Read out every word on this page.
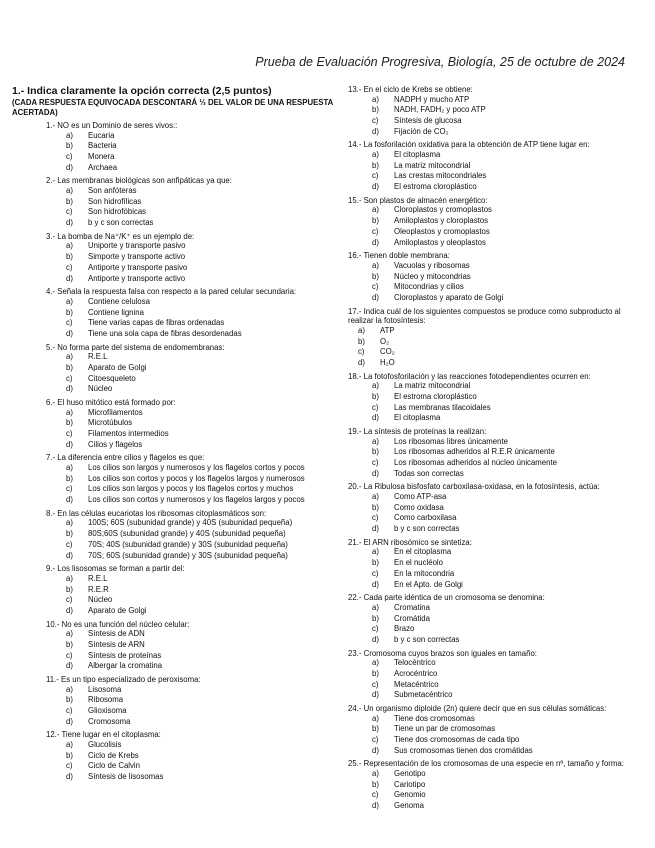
Prueba de Evaluación Progresiva, Biología, 25 de octubre de 2024

1.- Indica claramente la opción correcta (2,5 puntos)

(CADA RESPUESTA EQUIVOCADA DESCONTARÁ ⅓ DEL VALOR DE UNA RESPUESTA ACERTADA)

1.- NO es un Dominio de seres vivos::
a)	Eucaria
b)	Bacteria
c)	Monera
d)	Archaea
2.- Las membranas biológicas son anfipáticas ya que:
a)	Son anfóteras
b)	Son hidrofílicas
c)	Son hidrofóbicas
d)	b y c son correctas
3.- La bomba de Na⁺/K⁺ es un ejemplo de:
a)	Uniporte y transporte pasivo
b)	Simporte y transporte activo
c)	Antiporte y transporte pasivo
d)	Antiporte y transporte activo
4.- Señala la respuesta falsa con respecto a la pared celular secundaria:
a)	Contiene celulosa
b)	Contiene lignina
c)	Tiene varias capas de fibras ordenadas
d)	Tiene una sola capa de fibras desordenadas
5.- No forma parte del sistema de endomembranas:
a)	R.E.L
b)	Aparato de Golgi
c)	Citoesqueleto
d)	Núcleo
6.- El huso mitótico está formado por:
a)	Microfilamentos
b)	Microtúbulos
c)	Filamentos intermedios
d)	Cilios y flagelos
7.- La diferencia entre cilios y flagelos es que:
a)	Los cilios son largos y numerosos y los flagelos cortos y pocos
b)	Los cilios son cortos y pocos y los flagelos largos y numerosos
c)	Los cilios son largos y pocos y los flagelos cortos y muchos
d)	Los cilios son cortos y numerosos y los flagelos largos y pocos
8.- En las células eucariotas los ribosomas citoplasmáticos son:
a)	100S; 60S (subunidad grande) y 40S (subunidad pequeña)
b)	80S;60S (subunidad grande) y 40S (subunidad pequeña)
c)	70S; 40S (subunidad grande) y 30S (subunidad pequeña)
d)	70S; 60S (subunidad grande) y 30S (subunidad pequeña)
9.- Los lisosomas se forman a partir del:
a)	R.E.L
b)	R.E.R
c)	Núcleo
d)	Aparato de Golgi
10.- No es una función del núcleo celular:
a)	Síntesis de ADN
b)	Síntesis de ARN
c)	Síntesis de proteínas
d)	Albergar la cromatina
11.- Es un tipo especializado de peroxisoma:
a)	Lisosoma
b)	Ribosoma
c)	Glioxisoma
d)	Cromosoma
12.- Tiene lugar en el citoplasma:
a)	Glucolisis
b)	Ciclo de Krebs
c)	Ciclo de Calvin
d)	Síntesis de lisosomas
13.- En el ciclo de Krebs se obtiene:
a)	NADPH y mucho ATP
b)	NADH, FADH₂ y poco ATP
c)	Síntesis de glucosa
d)	Fijación de CO₂
14.- La fosforilación oxidativa para la obtención de ATP tiene lugar en:
a)	El citoplasma
b)	La matriz mitocondrial
c)	Las crestas mitocondriales
d)	El estroma cloroplástico
15.- Son plastos de almacén energético:
a)	Cloroplastos y cromoplastos
b)	Amiloplastos y cloroplastos
c)	Oleoplastos y cromoplastos
d)	Amiloplastos y oleoplastos
16.- Tienen doble membrana:
a)	Vacuolas y ribosomas
b)	Núcleo y mitocondrias
c)	Mitocondrias y cilios
d)	Cloroplastos y aparato de Golgi
17.- Indica cuál de los siguientes compuestos se produce como subproducto al realizar la fotosíntesis:
a)	ATP
b)	O₂
c)	CO₂
d)	H₂O
18.- La fotofosforilación y las reacciones fotodependientes ocurren en:
a)	La matriz mitocondrial
b)	El estroma cloroplástico
c)	Las membranas tilacoidales
d)	El citoplasma
19.- La síntesis de proteínas la realizan:
a)	Los ribosomas libres únicamente
b)	Los ribosomas adheridos al R.E.R únicamente
c)	Los ribosomas adheridos al núcleo únicamente
d)	Todas son correctas
20.- La Ribulosa bisfosfato carboxilasa-oxidasa, en la fotosíntesis, actúa:
a)	Como ATP-asa
b)	Como oxidasa
c)	Como carboxilasa
d)	b y c son correctas
21.- El ARN ribosómico se sintetiza:
a)	En el citoplasma
b)	En el nucléolo
c)	En la mitocondria
d)	En el Apto. de Golgi
22.- Cada parte idéntica de un cromosoma se denomina:
a)	Cromatina
b)	Cromátida
c)	Brazo
d)	b y c son correctas
23.- Cromosoma cuyos brazos son iguales en tamaño:
a)	Telocéntrico
b)	Acrocéntrico
c)	Metacéntrico
d)	Submetacéntrico
24.- Un organismo diploide (2n) quiere decir que en sus células somáticas:
a)	Tiene dos cromosomas
b)	Tiene un par de cromosomas
c)	Tiene dos cromosomas de cada tipo
d)	Sus cromosomas tienen dos cromátidas
25.- Representación de los cromosomas de una especie en nº, tamaño y forma:
a)	Genotipo
b)	Cariotipo
c)	Genomio
d)	Genoma
